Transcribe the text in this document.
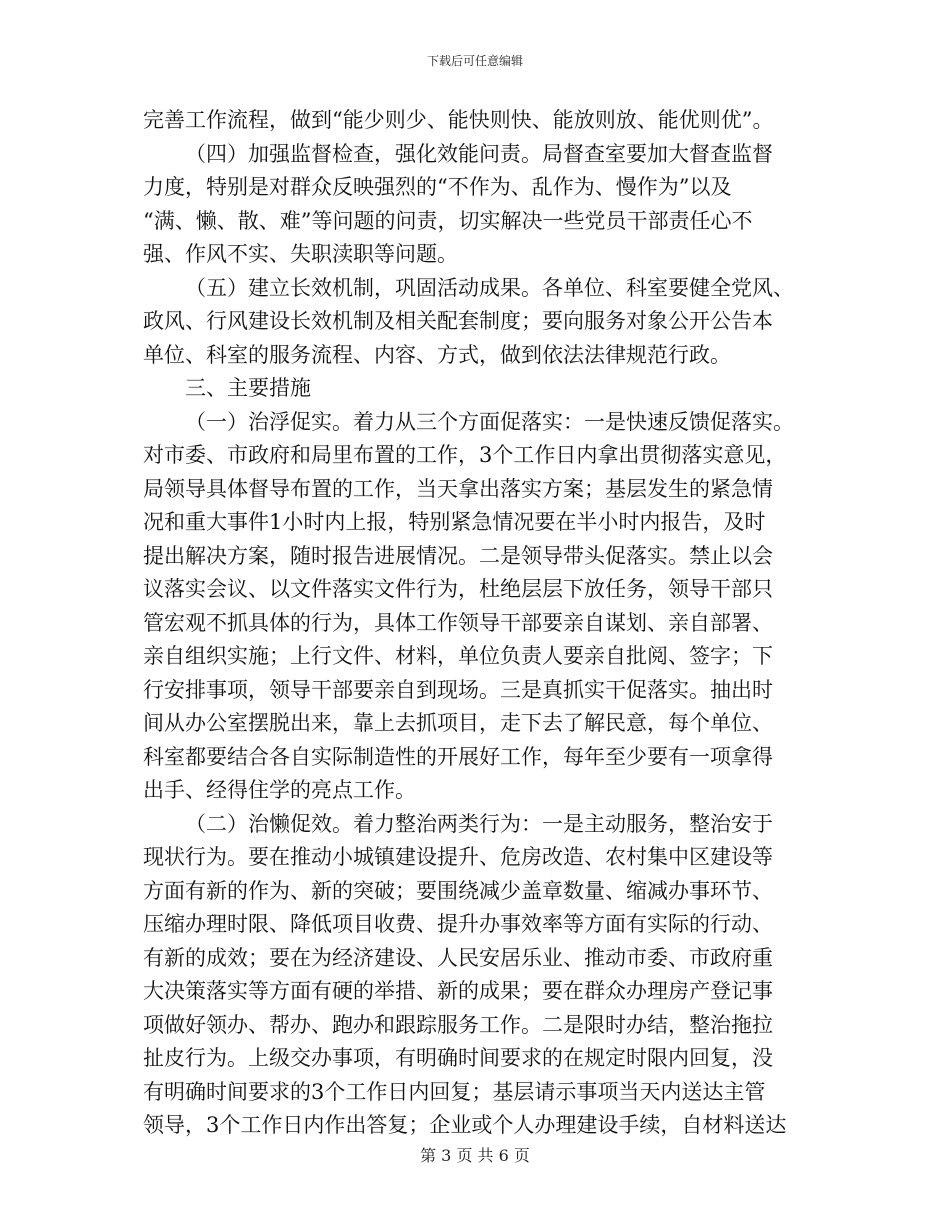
下载后可任意编辑
完善工作流程，做到“能少则少、能快则快、能放则放、能优则优”。
（四）加强监督检查，强化效能问责。局督查室要加大督查监督
力度，特别是对群众反映强烈的“不作为、乱作为、慢作为”以及
“满、懒、散、难”等问题的问责，切实解决一些党员干部责任心不
强、作风不实、失职渎职等问题。
（五）建立长效机制，巩固活动成果。各单位、科室要健全党风、
政风、行风建设长效机制及相关配套制度；要向服务对象公开公告本
单位、科室的服务流程、内容、方式，做到依法法律规范行政。
三、主要措施
（一）治浮促实。着力从三个方面促落实：一是快速反馈促落实。
对市委、市政府和局里布置的工作，3个工作日内拿出贯彻落实意见，
局领导具体督导布置的工作，当天拿出落实方案；基层发生的紧急情
况和重大事件1小时内上报，特别紧急情况要在半小时内报告，及时
提出解决方案，随时报告进展情况。二是领导带头促落实。禁止以会
议落实会议、以文件落实文件行为，杜绝层层下放任务，领导干部只
管宏观不抓具体的行为，具体工作领导干部要亲自谋划、亲自部署、
亲自组织实施；上行文件、材料，单位负责人要亲自批阅、签字；下
行安排事项，领导干部要亲自到现场。三是真抓实干促落实。抽出时
间从办公室摆脱出来，靠上去抓项目，走下去了解民意，每个单位、
科室都要结合各自实际制造性的开展好工作，每年至少要有一项拿得
出手、经得住学的亮点工作。
（二）治懒促效。着力整治两类行为：一是主动服务，整治安于
现状行为。要在推动小城镇建设提升、危房改造、农村集中区建设等
方面有新的作为、新的突破；要围绕减少盖章数量、缩减办事环节、
压缩办理时限、降低项目收费、提升办事效率等方面有实际的行动、
有新的成效；要在为经济建设、人民安居乐业、推动市委、市政府重
大决策落实等方面有硬的举措、新的成果；要在群众办理房产登记事
项做好领办、帮办、跑办和跟踪服务工作。二是限时办结，整治拖拉
扯皮行为。上级交办事项，有明确时间要求的在规定时限内回复，没
有明确时间要求的3个工作日内回复；基层请示事项当天内送达主管
领导，3个工作日内作出答复；企业或个人办理建设手续，自材料送达
第 3 页 共 6 页
